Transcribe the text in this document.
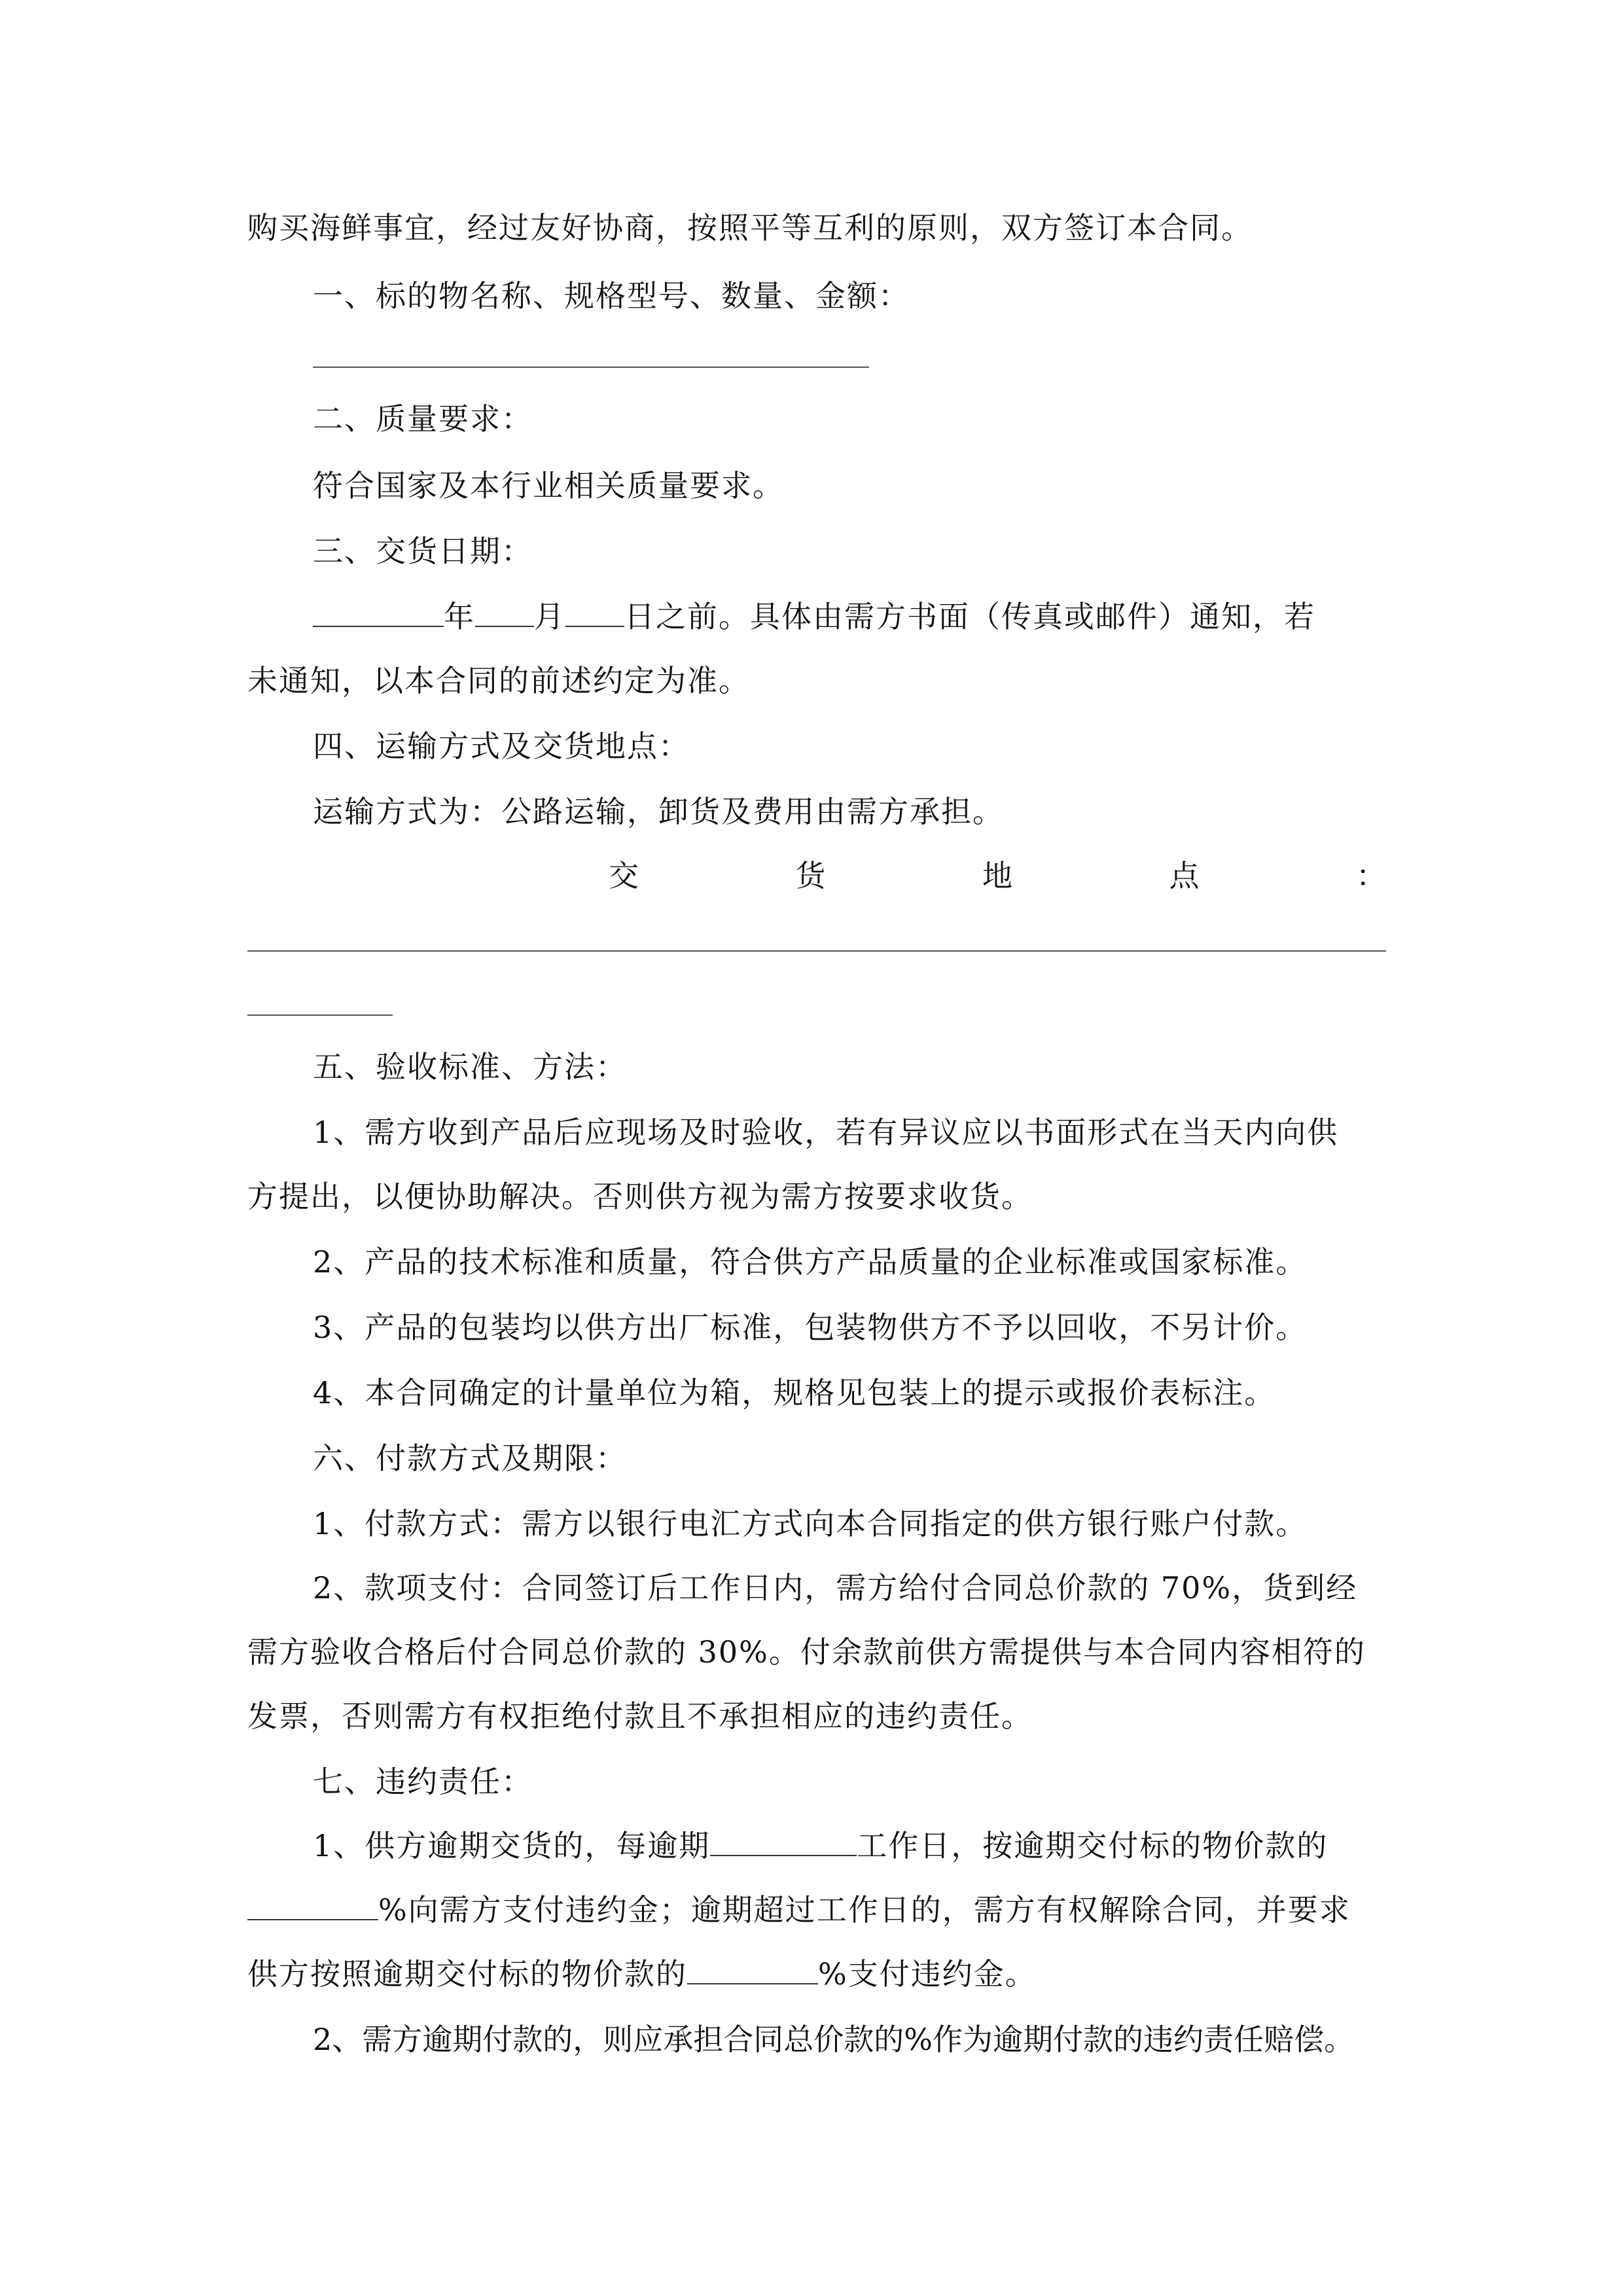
购买海鲜事宜，经过友好协商，按照平等互利的原则，双方签订本合同。
一、标的物名称、规格型号、数量、金额：
二、质量要求：
符合国家及本行业相关质量要求。
三、交货日期：
年 月 日之前。具体由需方书面（传真或邮件）通知，若
未通知，以本合同的前述约定为准。
四、运输方式及交货地点：
运输方式为：公路运输，卸货及费用由需方承担。
交	货	地	点	：
五、验收标准、方法：
1、需方收到产品后应现场及时验收，若有异议应以书面形式在当天内向供
方提出，以便协助解决。否则供方视为需方按要求收货。
2、产品的技术标准和质量，符合供方产品质量的企业标准或国家标准。
3、产品的包装均以供方出厂标准，包装物供方不予以回收，不另计价。
4、本合同确定的计量单位为箱，规格见包装上的提示或报价表标注。
六、付款方式及期限：
1、付款方式：需方以银行电汇方式向本合同指定的供方银行账户付款。
2、款项支付：合同签订后工作日内，需方给付合同总价款的 70%，货到经
需方验收合格后付合同总价款的 30%。付余款前供方需提供与本合同内容相符的
发票，否则需方有权拒绝付款且不承担相应的违约责任。
七、违约责任：
1、供方逾期交货的，每逾期	工作日，按逾期交付标的物价款的
%向需方支付违约金；逾期超过工作日的，需方有权解除合同，并要求
供方按照逾期交付标的物价款的	%支付违约金。
2、需方逾期付款的，则应承担合同总价款的%作为逾期付款的违约责任赔偿。
